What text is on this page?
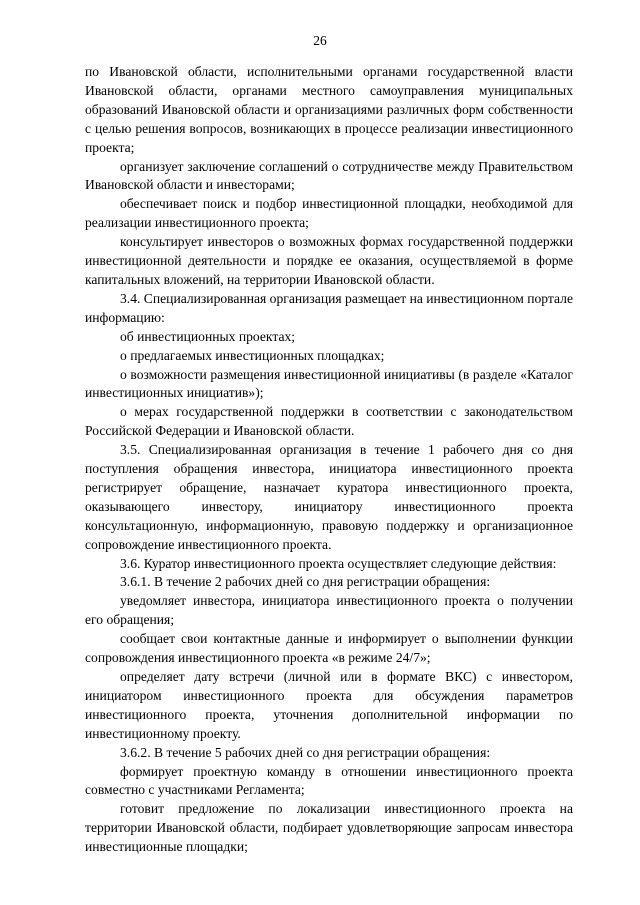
26

по Ивановской области, исполнительными органами государственной власти Ивановской области, органами местного самоуправления муниципальных образований Ивановской области и организациями различных форм собственности с целью решения вопросов, возникающих в процессе реализации инвестиционного проекта;

организует заключение соглашений о сотрудничестве между Правительством Ивановской области и инвесторами;

обеспечивает поиск и подбор инвестиционной площадки, необходимой для реализации инвестиционного проекта;

консультирует инвесторов о возможных формах государственной поддержки инвестиционной деятельности и порядке ее оказания, осуществляемой в форме капитальных вложений, на территории Ивановской области.

3.4. Специализированная организация размещает на инвестиционном портале информацию:

об инвестиционных проектах;

о предлагаемых инвестиционных площадках;

о возможности размещения инвестиционной инициативы (в разделе «Каталог инвестиционных инициатив»);

о мерах государственной поддержки в соответствии с законодательством Российской Федерации и Ивановской области.

3.5. Специализированная организация в течение 1 рабочего дня со дня поступления обращения инвестора, инициатора инвестиционного проекта регистрирует обращение, назначает куратора инвестиционного проекта, оказывающего инвестору, инициатору инвестиционного проекта консультационную, информационную, правовую поддержку и организационное сопровождение инвестиционного проекта.

3.6. Куратор инвестиционного проекта осуществляет следующие действия:

3.6.1. В течение 2 рабочих дней со дня регистрации обращения:

уведомляет инвестора, инициатора инвестиционного проекта о получении его обращения;

сообщает свои контактные данные и информирует о выполнении функции сопровождения инвестиционного проекта «в режиме 24/7»;

определяет дату встречи (личной или в формате ВКС) с инвестором, инициатором инвестиционного проекта для обсуждения параметров инвестиционного проекта, уточнения дополнительной информации по инвестиционному проекту.

3.6.2. В течение 5 рабочих дней со дня регистрации обращения:

формирует проектную команду в отношении инвестиционного проекта совместно с участниками Регламента;

готовит предложение по локализации инвестиционного проекта на территории Ивановской области, подбирает удовлетворяющие запросам инвестора инвестиционные площадки;
